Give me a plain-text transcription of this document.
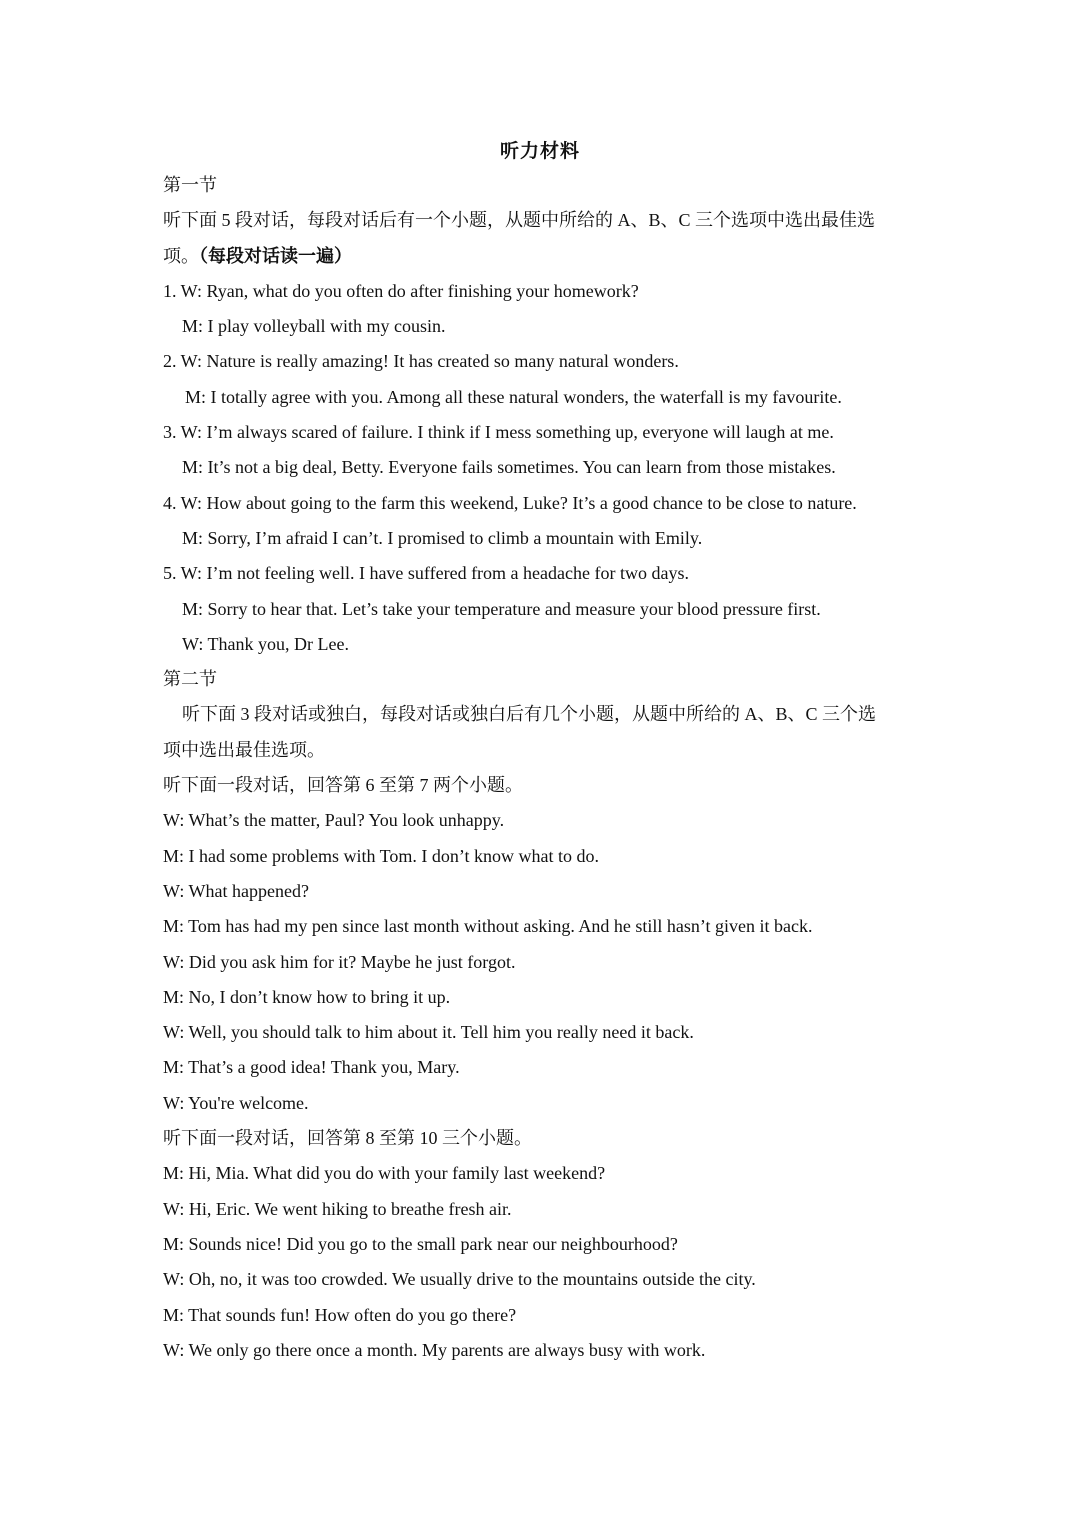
听力材料
第一节
听下面 5 段对话，每段对话后有一个小题，从题中所给的 A、B、C 三个选项中选出最佳选
项。（每段对话读一遍）
1. W: Ryan, what do you often do after finishing your homework?
M: I play volleyball with my cousin.
2. W: Nature is really amazing! It has created so many natural wonders.
M: I totally agree with you. Among all these natural wonders, the waterfall is my favourite.
3. W: I’m always scared of failure. I think if I mess something up, everyone will laugh at me.
M: It’s not a big deal, Betty. Everyone fails sometimes. You can learn from those mistakes.
4. W: How about going to the farm this weekend, Luke? It’s a good chance to be close to nature.
M: Sorry, I’m afraid I can’t. I promised to climb a mountain with Emily.
5. W: I’m not feeling well. I have suffered from a headache for two days.
M: Sorry to hear that. Let’s take your temperature and measure your blood pressure first.
W: Thank you, Dr Lee.
第二节
听下面 3 段对话或独白，每段对话或独白后有几个小题，从题中所给的 A、B、C 三个选
项中选出最佳选项。
听下面一段对话，回答第 6 至第 7 两个小题。
W: What’s the matter, Paul? You look unhappy.
M: I had some problems with Tom. I don’t know what to do.
W: What happened?
M: Tom has had my pen since last month without asking. And he still hasn’t given it back.
W: Did you ask him for it? Maybe he just forgot.
M: No, I don’t know how to bring it up.
W: Well, you should talk to him about it. Tell him you really need it back.
M: That’s a good idea! Thank you, Mary.
W: You're welcome.
听下面一段对话，回答第 8 至第 10 三个小题。
M: Hi, Mia. What did you do with your family last weekend?
W: Hi, Eric. We went hiking to breathe fresh air.
M: Sounds nice! Did you go to the small park near our neighbourhood?
W: Oh, no, it was too crowded. We usually drive to the mountains outside the city.
M: That sounds fun! How often do you go there?
W: We only go there once a month. My parents are always busy with work.
